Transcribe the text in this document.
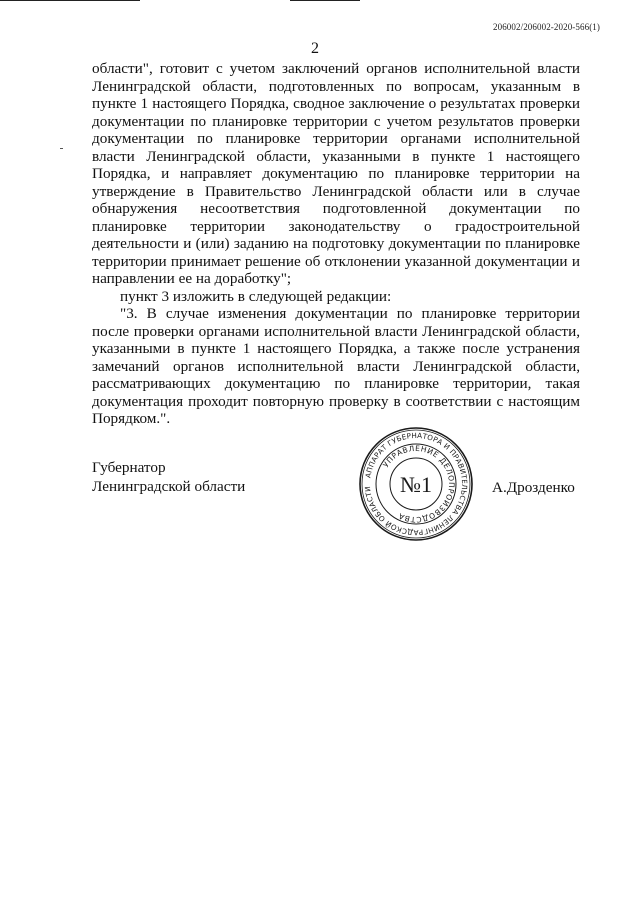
206002/206002-2020-566(1)
2

области", готовит с учетом заключений органов исполнительной власти Ленинградской области, подготовленных по вопросам, указанным в пункте 1 настоящего Порядка, сводное заключение о результатах проверки документации по планировке территории с учетом результатов проверки документации по планировке территории органами исполнительной власти Ленинградской области, указанными в пункте 1 настоящего Порядка, и направляет документацию по планировке территории на утверждение в Правительство Ленинградской области или в случае обнаружения несоответствия подготовленной документации по планировке территории законодательству о градостроительной деятельности и (или) заданию на подготовку документации по планировке территории принимает решение об отклонении указанной документации и направлении ее на доработку";

пункт 3 изложить в следующей редакции:

"3. В случае изменения документации по планировке территории после проверки органами исполнительной власти Ленинградской области, указанными в пункте 1 настоящего Порядка, а также после устранения замечаний органов исполнительной власти Ленинградской области, рассматривающих документацию по планировке территории, такая документация проходит повторную проверку в соответствии с настоящим Порядком.".

Губернатор
Ленинградской области	А.Дрозденко
АППАРАТ ГУБЕРНАТОРА И ПРАВИТЕЛЬСТВА ЛЕНИНГРАДСКОЙ ОБЛАСТИ
УПРАВЛЕНИЕ ДЕЛОПРОИЗВОДСТВА
№1
